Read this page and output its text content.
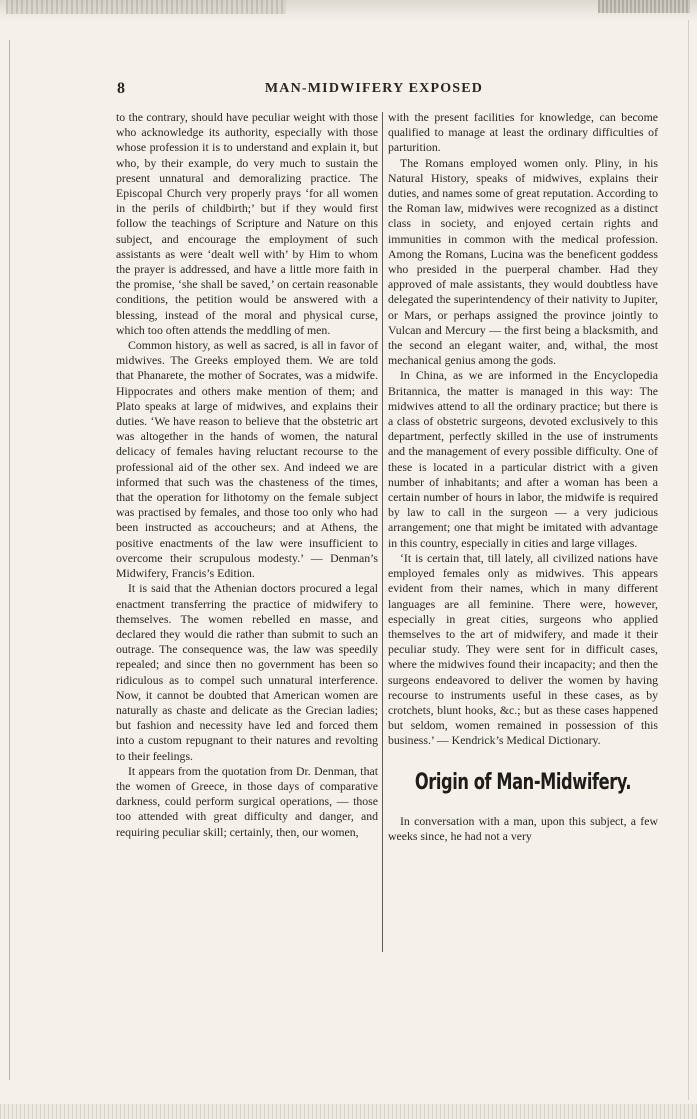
8	MAN-MIDWIFERY EXPOSED

to the contrary, should have peculiar weight with those who acknowledge its authority, especially with those whose profession it is to understand and explain it, but who, by their example, do very much to sustain the present unnatural and demoralizing practice. The Episcopal Church very properly prays ‘for all women in the perils of childbirth;’ but if they would first follow the teachings of Scripture and Nature on this subject, and encourage the employment of such assistants as were ‘dealt well with’ by Him to whom the prayer is addressed, and have a little more faith in the promise, ‘she shall be saved,’ on certain reasonable conditions, the petition would be answered with a blessing, instead of the moral and physical curse, which too often attends the meddling of men.

Common history, as well as sacred, is all in favor of midwives. The Greeks employed them. We are told that Phanarete, the mother of Socrates, was a midwife. Hippocrates and others make mention of them; and Plato speaks at large of midwives, and explains their duties. ‘We have reason to believe that the obstetric art was altogether in the hands of women, the natural delicacy of females having reluctant recourse to the professional aid of the other sex. And indeed we are informed that such was the chasteness of the times, that the operation for lithotomy on the female subject was practised by females, and those too only who had been instructed as accoucheurs; and at Athens, the positive enactments of the law were insufficient to overcome their scrupulous modesty.’ — Denman’s Midwifery, Francis’s Edition.

It is said that the Athenian doctors procured a legal enactment transferring the practice of midwifery to themselves. The women rebelled en masse, and declared they would die rather than submit to such an outrage. The consequence was, the law was speedily repealed; and since then no government has been so ridiculous as to compel such unnatural interference. Now, it cannot be doubted that American women are naturally as chaste and delicate as the Grecian ladies; but fashion and necessity have led and forced them into a custom repugnant to their natures and revolting to their feelings.

It appears from the quotation from Dr. Denman, that the women of Greece, in those days of comparative darkness, could perform surgical operations, — those too attended with great difficulty and danger, and requiring peculiar skill; certainly, then, our women,

with the present facilities for knowledge, can become qualified to manage at least the ordinary difficulties of parturition.

The Romans employed women only. Pliny, in his Natural History, speaks of midwives, explains their duties, and names some of great reputation. According to the Roman law, midwives were recognized as a distinct class in society, and enjoyed certain rights and immunities in common with the medical profession. Among the Romans, Lucina was the beneficent goddess who presided in the puerperal chamber. Had they approved of male assistants, they would doubtless have delegated the superintendency of their nativity to Jupiter, or Mars, or perhaps assigned the province jointly to Vulcan and Mercury — the first being a blacksmith, and the second an elegant waiter, and, withal, the most mechanical genius among the gods.

In China, as we are informed in the Encyclopedia Britannica, the matter is managed in this way: The midwives attend to all the ordinary practice; but there is a class of obstetric surgeons, devoted exclusively to this department, perfectly skilled in the use of instruments and the management of every possible difficulty. One of these is located in a particular district with a given number of inhabitants; and after a woman has been a certain number of hours in labor, the midwife is required by law to call in the surgeon — a very judicious arrangement; one that might be imitated with advantage in this country, especially in cities and large villages.

‘It is certain that, till lately, all civilized nations have employed females only as midwives. This appears evident from their names, which in many different languages are all feminine. There were, however, especially in great cities, surgeons who applied themselves to the art of midwifery, and made it their peculiar study. They were sent for in difficult cases, where the midwives found their incapacity; and then the surgeons endeavored to deliver the women by having recourse to instruments useful in these cases, as by crotchets, blunt hooks, &c.; but as these cases happened but seldom, women remained in possession of this business.’ — Kendrick’s Medical Dictionary.

Origin of Man-Midwifery.

In conversation with a man, upon this subject, a few weeks since, he had not a very
